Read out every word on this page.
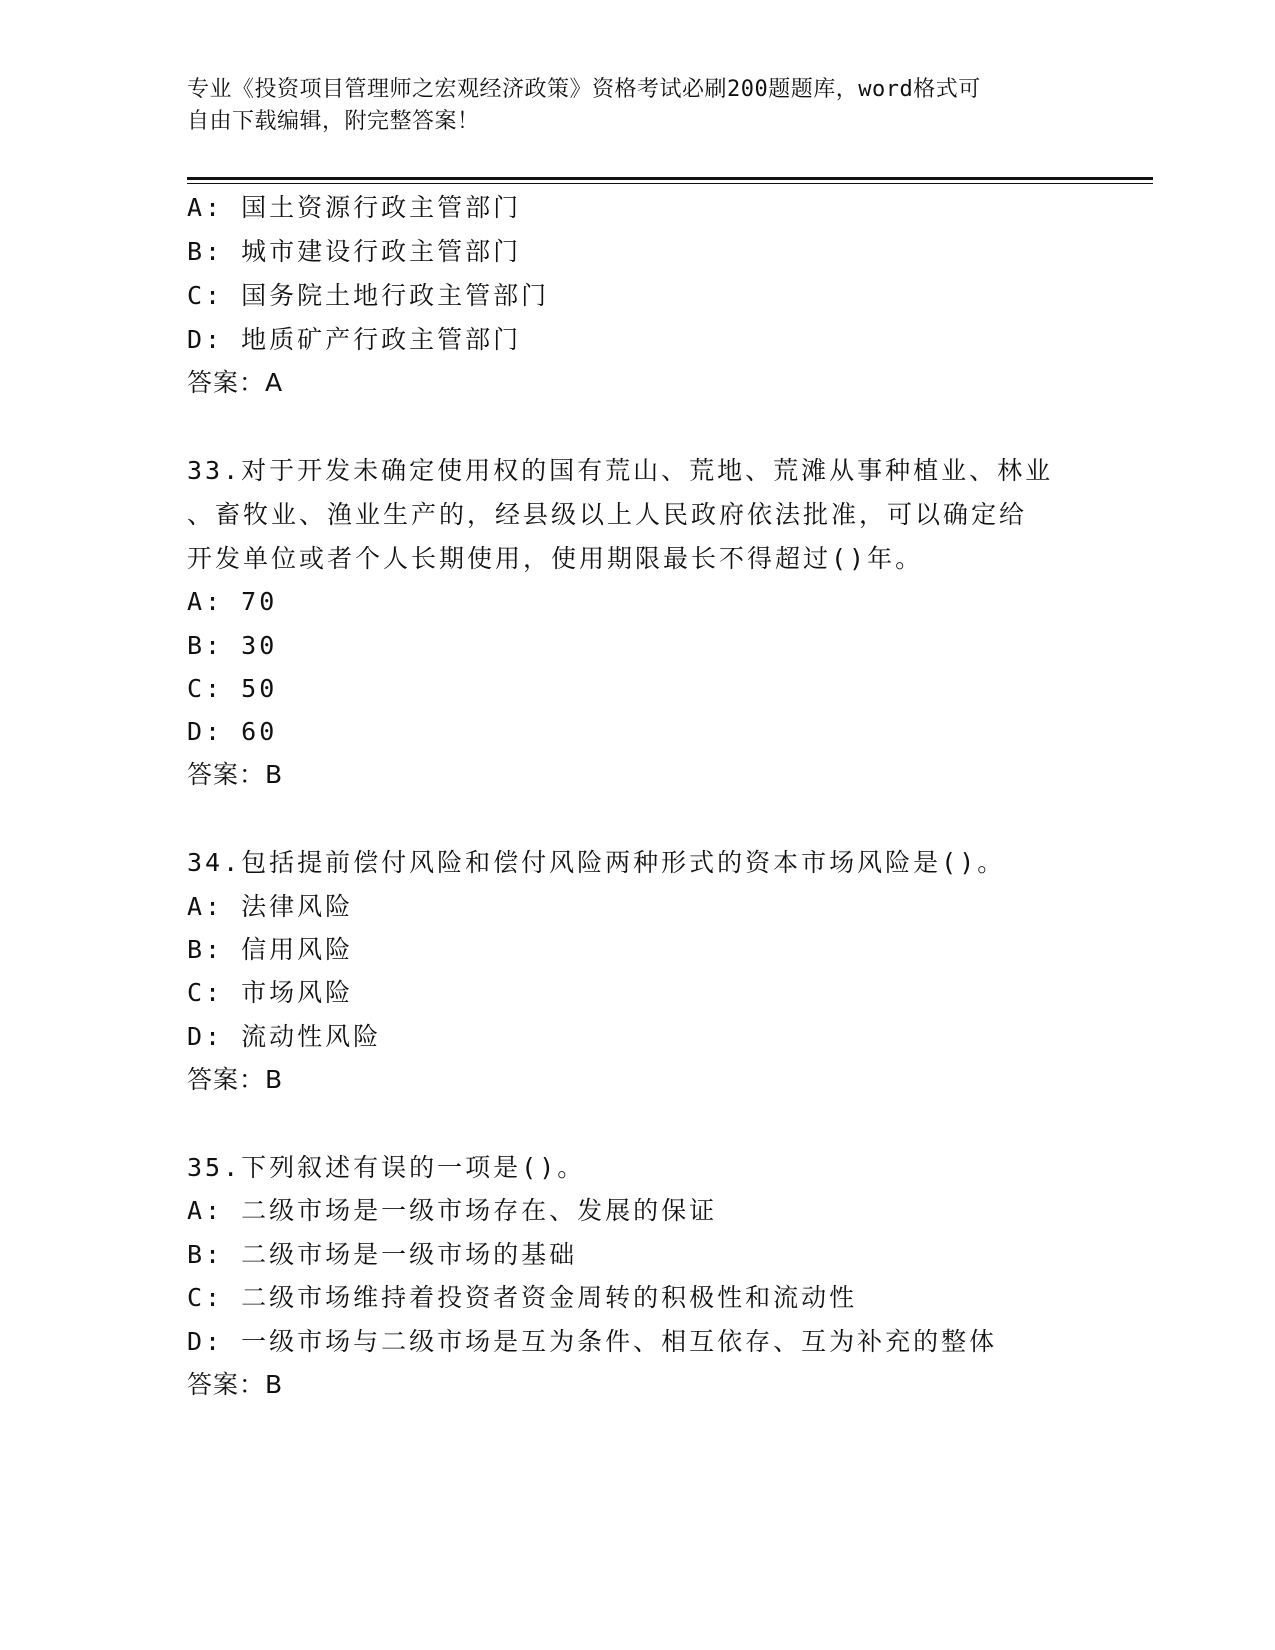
专业《投资项目管理师之宏观经济政策》资格考试必刷200题题库，word格式可
自由下载编辑，附完整答案！
A: 国土资源行政主管部门
B: 城市建设行政主管部门
C: 国务院土地行政主管部门
D: 地质矿产行政主管部门
答案：A
33.对于开发未确定使用权的国有荒山、荒地、荒滩从事种植业、林业
、畜牧业、渔业生产的，经县级以上人民政府依法批准，可以确定给
开发单位或者个人长期使用，使用期限最长不得超过()年。
A: 70
B: 30
C: 50
D: 60
答案：B
34.包括提前偿付风险和偿付风险两种形式的资本市场风险是()。
A: 法律风险
B: 信用风险
C: 市场风险
D: 流动性风险
答案：B
35.下列叙述有误的一项是()。
A: 二级市场是一级市场存在、发展的保证
B: 二级市场是一级市场的基础
C: 二级市场维持着投资者资金周转的积极性和流动性
D: 一级市场与二级市场是互为条件、相互依存、互为补充的整体
答案：B
